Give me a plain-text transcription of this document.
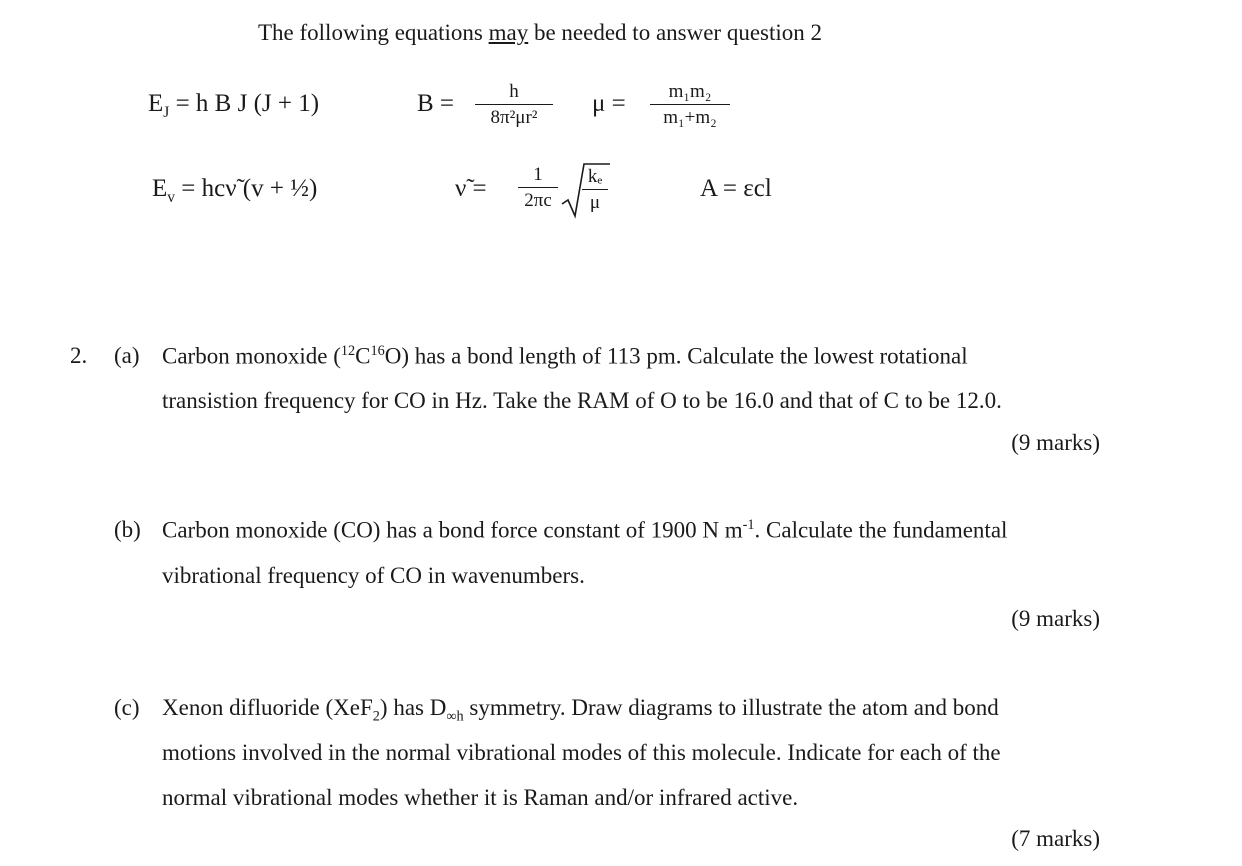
The following equations may be needed to answer question 2
$E_J = h$ B J (J + 1)	B =	h
8π²μr²
μ =	m₁m₂
m₁+m₂
$E_v$ = hcν̃ (v + ½)	ν̃ =
1
2πc
kₑ
μ
A = εcl
2. (a) Carbon monoxide $(^{12}C^{16}O)$ has a bond length of 113 pm. Calculate the lowest rotational
transistion frequency for CO in Hz. Take the RAM of O to be 16.0 and that of C to be 12.0.
(9 marks)
(b) Carbon monoxide (CO) has a bond force constant of 1900 N $m^{-1}$. Calculate the fundamental
vibrational frequency of CO in wavenumbers.
(9 marks)
(c) Xenon difluoride (XeF$_2$) has $D_{\infty h}$ symmetry. Draw diagrams to illustrate the atom and bond
motions involved in the normal vibrational modes of this molecule. Indicate for each of the
normal vibrational modes whether it is Raman and/or infrared active.
(7 marks)
